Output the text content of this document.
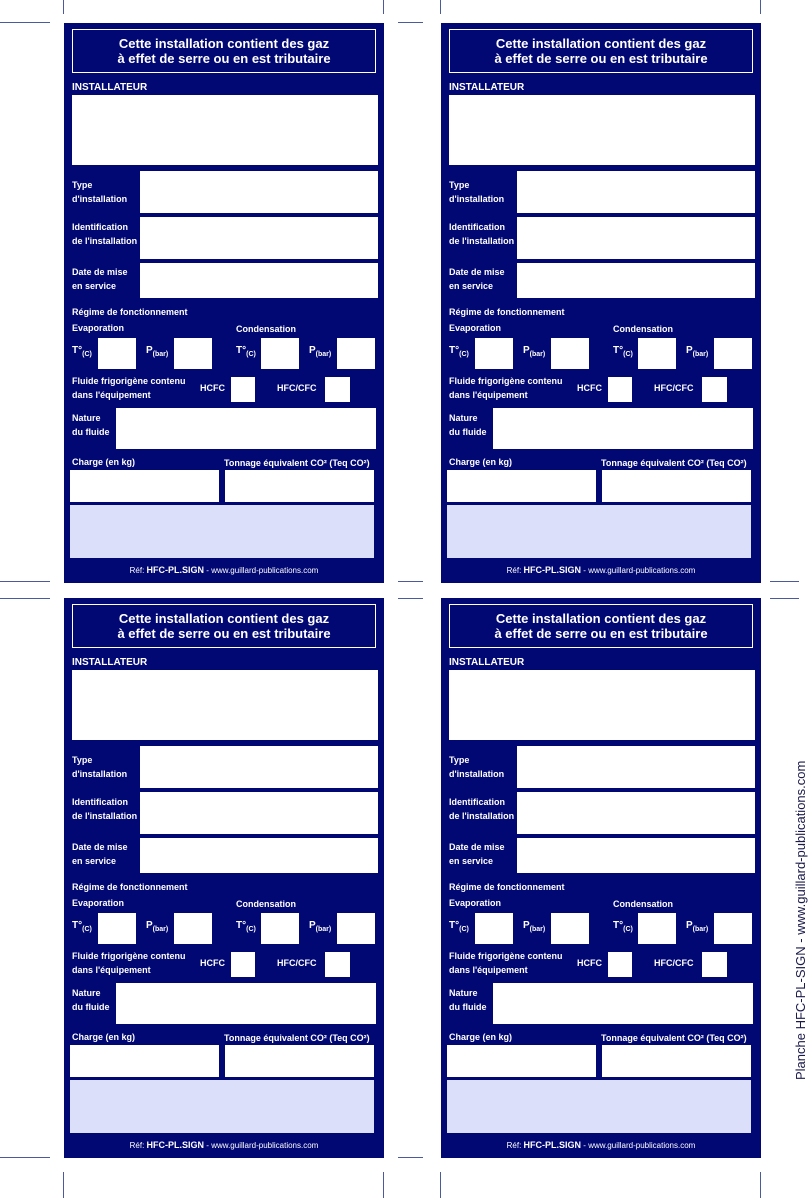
Cette installation contient des gaz
à effet de serre ou en est tributaire
INSTALLATEUR
Type
d'installation
Identification
de l'installation
Date de mise
en service
Régime de fonctionnement
Evaporation	Condensation
$T^\circ_{(C)}$	$P_{(bar)}$	$T^\circ_{(C)}$	$P_{(bar)}$
Fluide frigorigène contenu
dans l'équipement
HCFC	HFC/CFC
Nature
du fluide
Charge (en kg)	Tonnage équivalent CO² (Teq CO²)
Réf: HFC-PL.SIGN - www.guillard-publications.com
Cette installation contient des gaz
à effet de serre ou en est tributaire
INSTALLATEUR
Type
d'installation
Identification
de l'installation
Date de mise
en service
Régime de fonctionnement
Evaporation	Condensation
$T^\circ_{(C)}$	$P_{(bar)}$	$T^\circ_{(C)}$	$P_{(bar)}$
Fluide frigorigène contenu
dans l'équipement
HCFC	HFC/CFC
Nature
du fluide
Charge (en kg)	Tonnage équivalent CO² (Teq CO²)
Réf: HFC-PL.SIGN - www.guillard-publications.com
Cette installation contient des gaz
à effet de serre ou en est tributaire
INSTALLATEUR
Type
d'installation
Identification
de l'installation
Date de mise
en service
Régime de fonctionnement
Evaporation	Condensation
$T^\circ_{(C)}$	$P_{(bar)}$	$T^\circ_{(C)}$	$P_{(bar)}$
Fluide frigorigène contenu
dans l'équipement
HCFC	HFC/CFC
Nature
du fluide
Charge (en kg)	Tonnage équivalent CO² (Teq CO²)
Réf: HFC-PL.SIGN - www.guillard-publications.com
Cette installation contient des gaz
à effet de serre ou en est tributaire
INSTALLATEUR
Type
d'installation
Identification
de l'installation
Date de mise
en service
Régime de fonctionnement
Evaporation	Condensation
$T^\circ_{(C)}$	$P_{(bar)}$	$T^\circ_{(C)}$	$P_{(bar)}$
Fluide frigorigène contenu
dans l'équipement
HCFC	HFC/CFC
Nature
du fluide
Charge (en kg)	Tonnage équivalent CO² (Teq CO²)
Réf: HFC-PL.SIGN - www.guillard-publications.com
Planche HFC-PL-SIGN - www.guillard-publications.com
